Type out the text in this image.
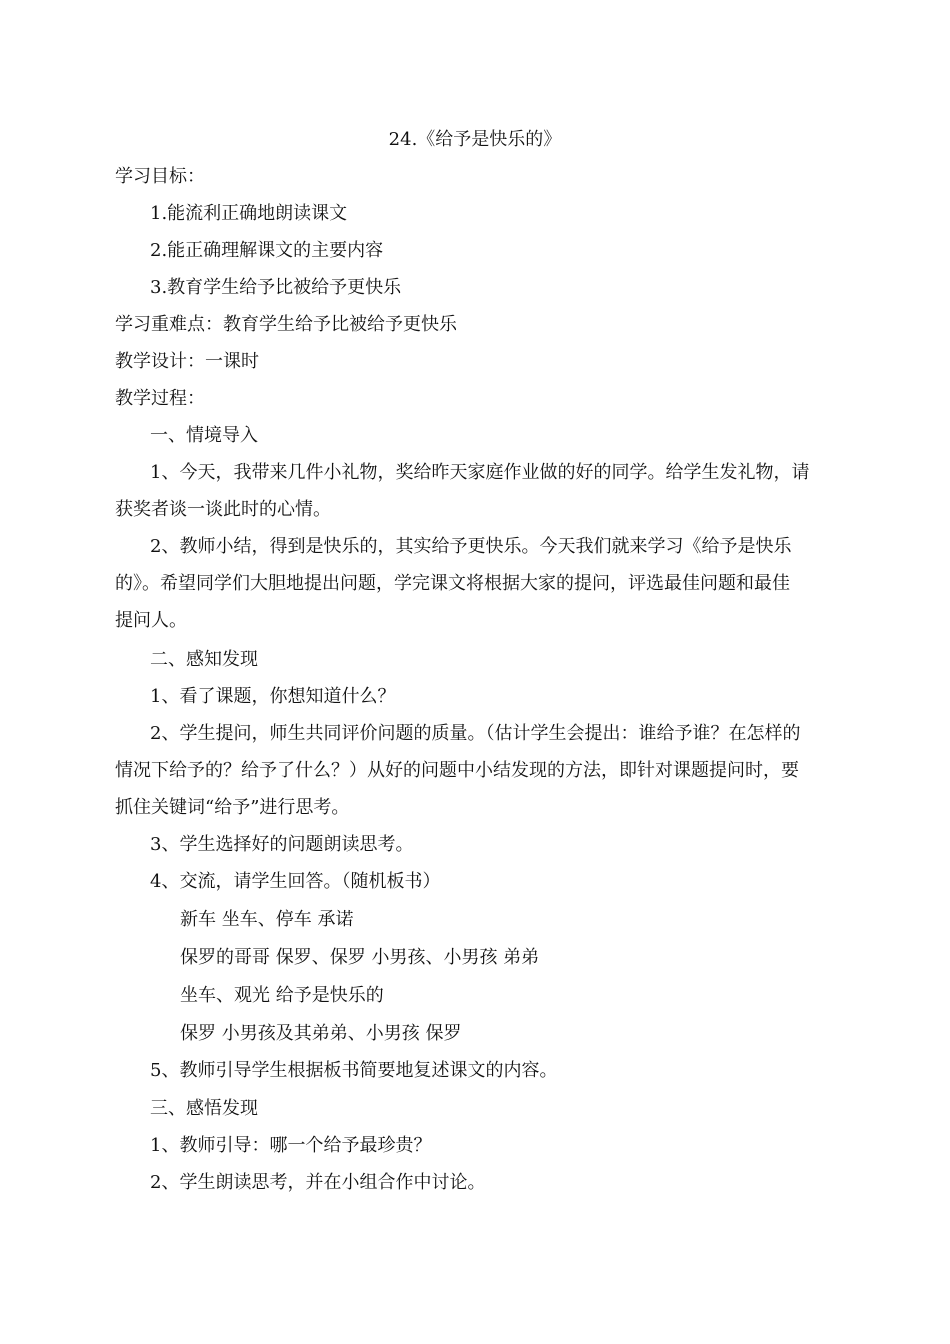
24.《给予是快乐的》
学习目标：
1.能流利正确地朗读课文
2.能正确理解课文的主要内容
3.教育学生给予比被给予更快乐
学习重难点：教育学生给予比被给予更快乐
教学设计：一课时
教学过程：
一、情境导入
1、今天，我带来几件小礼物，奖给昨天家庭作业做的好的同学。给学生发礼物，请
获奖者谈一谈此时的心情。
2、教师小结，得到是快乐的，其实给予更快乐。今天我们就来学习《给予是快乐
的》。希望同学们大胆地提出问题，学完课文将根据大家的提问，评选最佳问题和最佳
提问人。
二、感知发现
1、看了课题，你想知道什么？
2、学生提问，师生共同评价问题的质量。（估计学生会提出：谁给予谁？在怎样的
情况下给予的？给予了什么？）从好的问题中小结发现的方法，即针对课题提问时，要
抓住关键词“给予”进行思考。
3、学生选择好的问题朗读思考。
4、交流，请学生回答。（随机板书）
新车 坐车、停车 承诺
保罗的哥哥 保罗、保罗 小男孩、小男孩 弟弟
坐车、观光 给予是快乐的
保罗 小男孩及其弟弟、小男孩 保罗
5、教师引导学生根据板书简要地复述课文的内容。
三、感悟发现
1、教师引导：哪一个给予最珍贵？
2、学生朗读思考，并在小组合作中讨论。
